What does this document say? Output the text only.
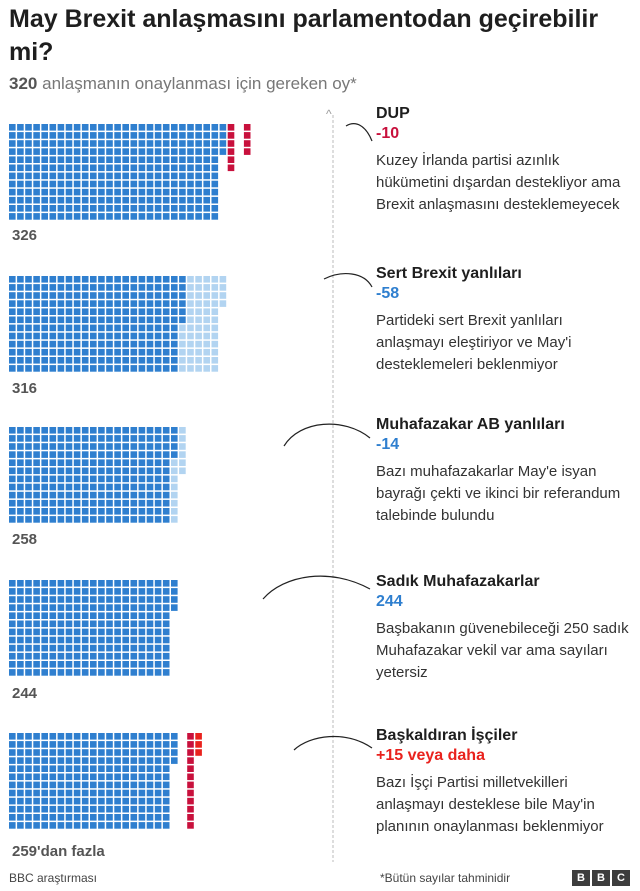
May Brexit anlaşmasını parlamentodan geçirebilir mi?
320 anlaşmanın onaylanması için gereken oy*
^
326
316
258
244
259'dan fazla
DUP
-10
Kuzey İrlanda partisi azınlık hükümetini dışardan destekliyor ama Brexit anlaşmasını desteklemeyecek
Sert Brexit yanlıları
-58
Partideki sert Brexit yanlıları anlaşmayı eleştiriyor ve May'i desteklemeleri beklenmiyor
Muhafazakar AB yanlıları
-14
Bazı muhafazakarlar May'e isyan bayrağı çekti ve ikinci bir referandum talebinde bulundu
Sadık Muhafazakarlar
244
Başbakanın güvenebileceği 250 sadık Muhafazakar vekil var ama sayıları yetersiz
Başkaldıran İşçiler
+15 veya daha
Bazı İşçi Partisi milletvekilleri anlaşmayı desteklese bile May'in planının onaylanması beklenmiyor
BBC araştırması	*Bütün sayılar tahminidir	B	B	C
